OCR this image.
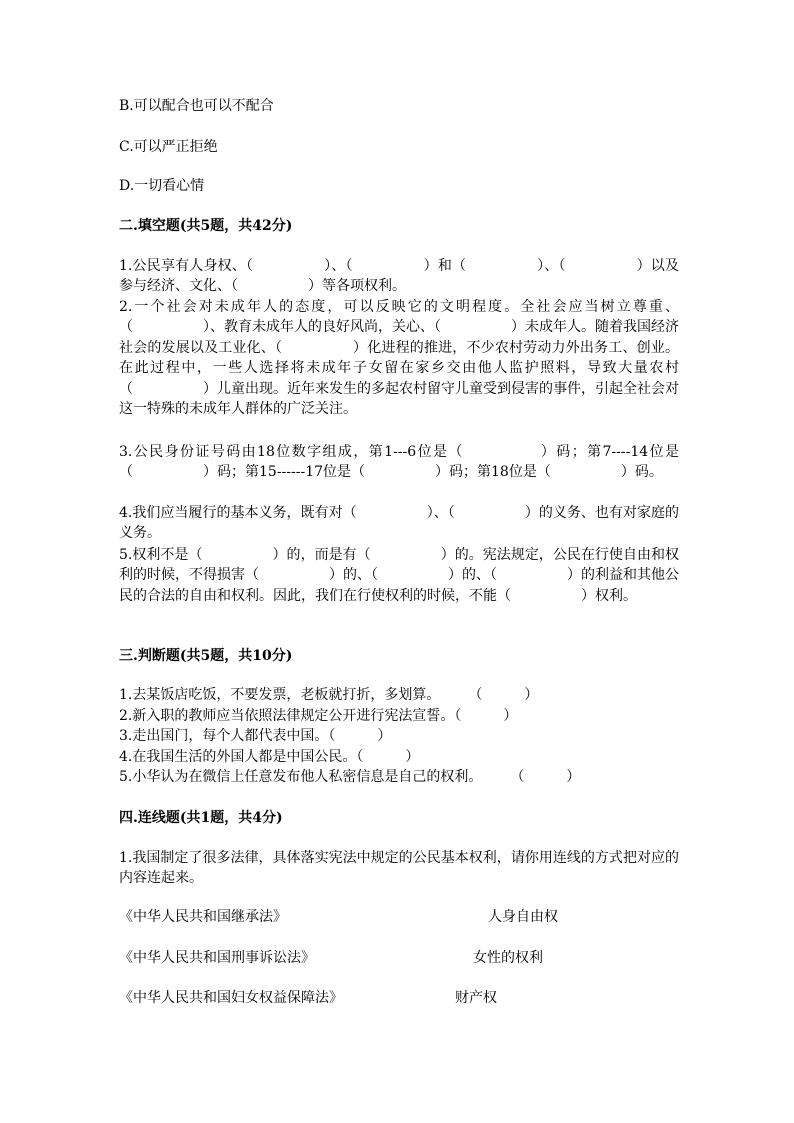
B.可以配合也可以不配合
C.可以严正拒绝
D.一切看心情
二.填空题(共5题，共42分)
1.公民享有人身权、（　　　　　）、（　　　　　）和（　　　　　）、（　　　　　）以及参与经济、文化、（　　　　　）等各项权利。
2.一个社会对未成年人的态度，可以反映它的文明程度。全社会应当树立尊重、（　　　　　）、教育未成年人的良好风尚，关心、（　　　　　）未成年人。随着我国经济社会的发展以及工业化、（　　　　　）化进程的推进，不少农村劳动力外出务工、创业。在此过程中，一些人选择将未成年子女留在家乡交由他人监护照料，导致大量农村（　　　　　）儿童出现。近年来发生的多起农村留守儿童受到侵害的事件，引起全社会对这一特殊的未成年人群体的广泛关注。
3.公民身份证号码由18位数字组成，第1---6位是（　　　　　）码；第7----14位是（　　　　　）码；第15------17位是（　　　　　）码；第18位是（　　　　　）码。
4.我们应当履行的基本义务，既有对（　　　　　）、（　　　　　）的义务、也有对家庭的义务。
5.权利不是（　　　　　）的，而是有（　　　　　）的。宪法规定，公民在行使自由和权利的时候，不得损害（　　　　　）的、（　　　　　）的、（　　　　　）的利益和其他公民的合法的自由和权利。因此，我们在行使权利的时候，不能（　　　　　）权利。
三.判断题(共5题，共10分)
1.去某饭店吃饭，不要发票，老板就打折，多划算。　　　（　　　）
2.新入职的教师应当依照法律规定公开进行宪法宣誓。（　　　）
3.走出国门，每个人都代表中国。（　　　）
4.在我国生活的外国人都是中国公民。（　　　）
5.小华认为在微信上任意发布他人私密信息是自己的权利。　　　（　　　）
四.连线题(共1题，共4分)
1.我国制定了很多法律，具体落实宪法中规定的公民基本权利，请你用连线的方式把对应的内容连起来。
《中华人民共和国继承法》	人身自由权
《中华人民共和国刑事诉讼法》	女性的权利
《中华人民共和国妇女权益保障法》	财产权
